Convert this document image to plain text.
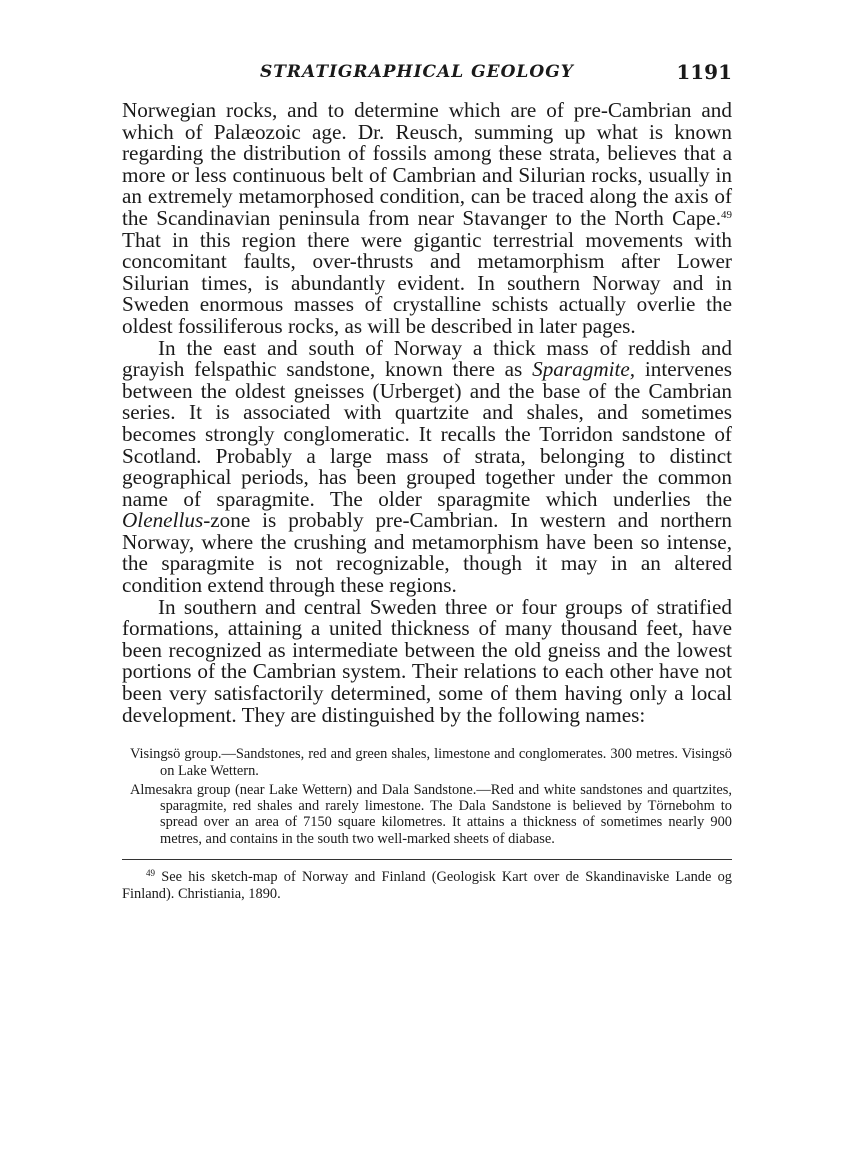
STRATIGRAPHICAL GEOLOGY	1191

Norwegian rocks, and to determine which are of pre-Cambrian and which of Palæozoic age. Dr. Reusch, summing up what is known regarding the distribution of fossils among these strata, believes that a more or less continuous belt of Cambrian and Silurian rocks, usually in an extremely metamorphosed condition, can be traced along the axis of the Scandinavian peninsula from near Stavanger to the North Cape.$^{49}$ That in this region there were gigantic terrestrial movements with concomitant faults, over-thrusts and metamorphism after Lower Silurian times, is abundantly evident. In southern Norway and in Sweden enormous masses of crystalline schists actually overlie the oldest fossiliferous rocks, as will be described in later pages.

In the east and south of Norway a thick mass of reddish and grayish felspathic sandstone, known there as Sparagmite, intervenes between the oldest gneisses (Urberget) and the base of the Cambrian series. It is associated with quartzite and shales, and sometimes becomes strongly conglomeratic. It recalls the Torridon sandstone of Scotland. Probably a large mass of strata, belonging to distinct geographical periods, has been grouped together under the common name of sparagmite. The older sparagmite which underlies the Olenellus-zone is probably pre-Cambrian. In western and northern Norway, where the crushing and metamorphism have been so intense, the sparagmite is not recognizable, though it may in an altered condition extend through these regions.

In southern and central Sweden three or four groups of stratified formations, attaining a united thickness of many thousand feet, have been recognized as intermediate between the old gneiss and the lowest portions of the Cambrian system. Their relations to each other have not been very satisfactorily determined, some of them having only a local development. They are distinguished by the following names:

Visingsö group.—Sandstones, red and green shales, limestone and conglomerates. 300 metres. Visingsö on Lake Wettern.
Almesakra group (near Lake Wettern) and Dala Sandstone.—Red and white sandstones and quartzites, sparagmite, red shales and rarely limestone. The Dala Sandstone is believed by Törnebohm to spread over an area of 7150 square kilometres. It attains a thickness of sometimes nearly 900 metres, and contains in the south two well-marked sheets of diabase.
$^{49}$ See his sketch-map of Norway and Finland (Geologisk Kart over de Skandinaviske Lande og Finland). Christiania, 1890.
